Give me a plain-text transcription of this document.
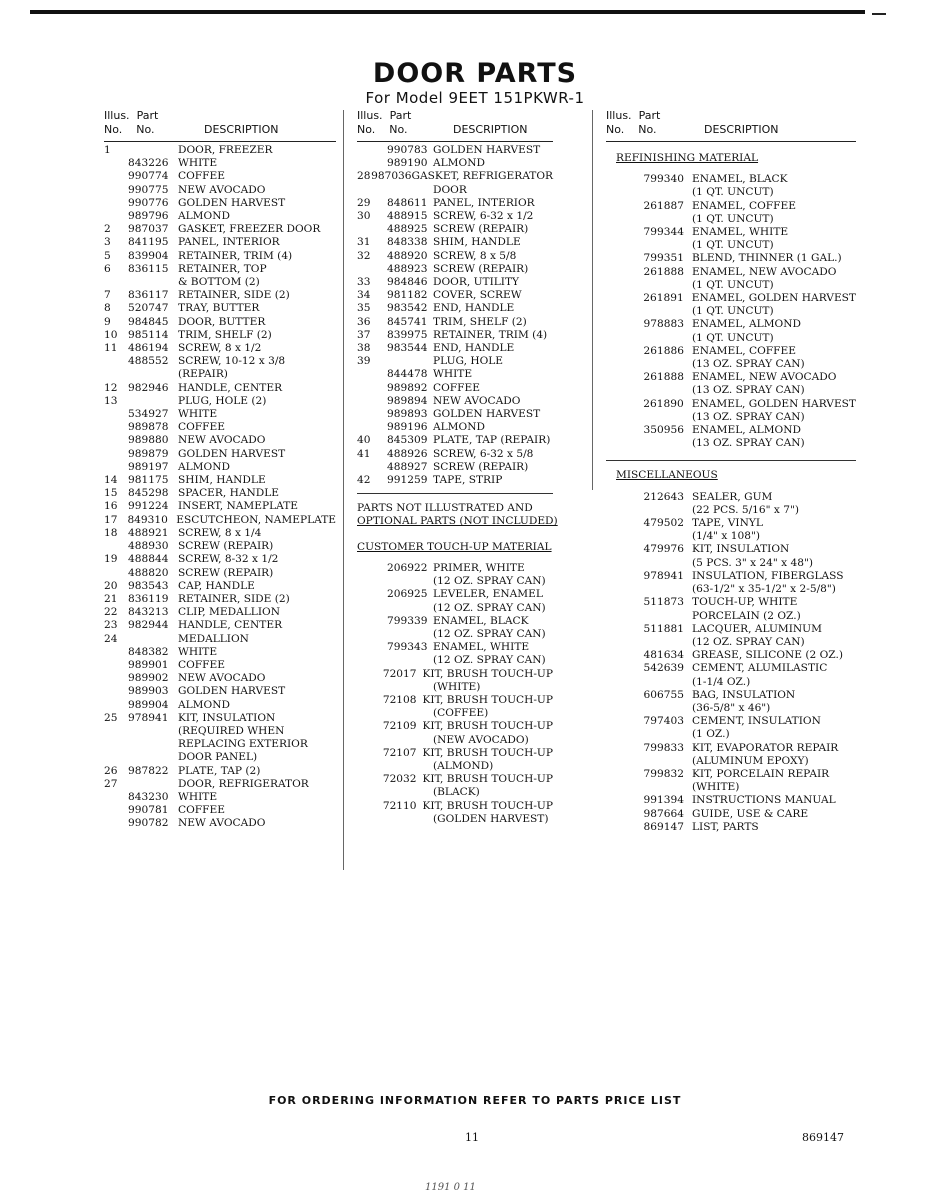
DOOR PARTS
For Model 9EET 151PKWR-1
Illus. Part
No. No.	DESCRIPTION
1	DOOR, FREEZER
843226 WHITE
990774 COFFEE
990775 NEW AVOCADO
990776 GOLDEN HARVEST
989796 ALMOND
2	987037 GASKET, FREEZER DOOR
3	841195 PANEL, INTERIOR
5	839904 RETAINER, TRIM (4)
6	836115 RETAINER, TOP
& BOTTOM (2)
7	836117 RETAINER, SIDE (2)
8	520747 TRAY, BUTTER
9	984845 DOOR, BUTTER
10 985114 TRIM, SHELF (2)
11 486194 SCREW, 8 x 1/2
488552 SCREW, 10-12 x 3/8
(REPAIR)
12 982946 HANDLE, CENTER
13	PLUG, HOLE (2)
534927 WHITE
989878 COFFEE
989880 NEW AVOCADO
989879 GOLDEN HARVEST
989197 ALMOND
14 981175 SHIM, HANDLE
15 845298 SPACER, HANDLE
16 991224 INSERT, NAMEPLATE
17 849310 ESCUTCHEON, NAMEPLATE
18 488921 SCREW, 8 x 1/4
488930 SCREW (REPAIR)
19 488844 SCREW, 8-32 x 1/2
488820 SCREW (REPAIR)
20 983543 CAP, HANDLE
21 836119 RETAINER, SIDE (2)
22 843213 CLIP, MEDALLION
23 982944 HANDLE, CENTER
24	MEDALLION
848382 WHITE
989901 COFFEE
989902 NEW AVOCADO
989903 GOLDEN HARVEST
989904 ALMOND
25 978941 KIT, INSULATION
(REQUIRED WHEN
REPLACING EXTERIOR
DOOR PANEL)
26 987822 PLATE, TAP (2)
27	DOOR, REFRIGERATOR
843230 WHITE
990781 COFFEE
990782 NEW AVOCADO
Illus. Part
No. No.	DESCRIPTION
990783 GOLDEN HARVEST
989190 ALMOND
28 987036 GASKET, REFRIGERATOR
DOOR
29	848611 PANEL, INTERIOR
30	488915 SCREW, 6-32 x 1/2
488925 SCREW (REPAIR)
31	848338 SHIM, HANDLE
32	488920 SCREW, 8 x 5/8
488923 SCREW (REPAIR)
33	984846 DOOR, UTILITY
34	981182 COVER, SCREW
35	983542 END, HANDLE
36	845741 TRIM, SHELF (2)
37	839975 RETAINER, TRIM (4)
38	983544 END, HANDLE
39	PLUG, HOLE
844478 WHITE
989892 COFFEE
989894 NEW AVOCADO
989893 GOLDEN HARVEST
989196 ALMOND
40	845309 PLATE, TAP (REPAIR)
41	488926 SCREW, 6-32 x 5/8
488927 SCREW (REPAIR)
42	991259 TAPE, STRIP
PARTS NOT ILLUSTRATED AND
OPTIONAL PARTS (NOT INCLUDED)
CUSTOMER TOUCH-UP MATERIAL
206922 PRIMER, WHITE
(12 OZ. SPRAY CAN)
206925 LEVELER, ENAMEL
(12 OZ. SPRAY CAN)
799339 ENAMEL, BLACK
(12 OZ. SPRAY CAN)
799343 ENAMEL, WHITE
(12 OZ. SPRAY CAN)
72017 KIT, BRUSH TOUCH-UP
(WHITE)
72108 KIT, BRUSH TOUCH-UP
(COFFEE)
72109 KIT, BRUSH TOUCH-UP
(NEW AVOCADO)
72107 KIT, BRUSH TOUCH-UP
(ALMOND)
72032 KIT, BRUSH TOUCH-UP
(BLACK)
72110 KIT, BRUSH TOUCH-UP
(GOLDEN HARVEST)
Illus. Part
No. No.	DESCRIPTION
REFINISHING MATERIAL
799340 ENAMEL, BLACK
(1 QT. UNCUT)
261887 ENAMEL, COFFEE
(1 QT. UNCUT)
799344 ENAMEL, WHITE
(1 QT. UNCUT)
799351 BLEND, THINNER (1 GAL.)
261888 ENAMEL, NEW AVOCADO
(1 QT. UNCUT)
261891 ENAMEL, GOLDEN HARVEST
(1 QT. UNCUT)
978883 ENAMEL, ALMOND
(1 QT. UNCUT)
261886 ENAMEL, COFFEE
(13 OZ. SPRAY CAN)
261888 ENAMEL, NEW AVOCADO
(13 OZ. SPRAY CAN)
261890 ENAMEL, GOLDEN HARVEST
(13 OZ. SPRAY CAN)
350956 ENAMEL, ALMOND
(13 OZ. SPRAY CAN)
MISCELLANEOUS
212643 SEALER, GUM
(22 PCS. 5/16" x 7")
479502 TAPE, VINYL
(1/4" x 108")
479976 KIT, INSULATION
(5 PCS. 3" x 24" x 48")
978941 INSULATION, FIBERGLASS
(63-1/2" x 35-1/2" x 2-5/8")
511873 TOUCH-UP, WHITE
PORCELAIN (2 OZ.)
511881 LACQUER, ALUMINUM
(12 OZ. SPRAY CAN)
481634 GREASE, SILICONE (2 OZ.)
542639 CEMENT, ALUMILASTIC
(1-1/4 OZ.)
606755 BAG, INSULATION
(36-5/8" x 46")
797403 CEMENT, INSULATION
(1 OZ.)
799833 KIT, EVAPORATOR REPAIR
(ALUMINUM EPOXY)
799832 KIT, PORCELAIN REPAIR
(WHITE)
991394 INSTRUCTIONS MANUAL
987664 GUIDE, USE & CARE
869147 LIST, PARTS
FOR ORDERING INFORMATION REFER TO PARTS PRICE LIST
11	869147
1191 0 11
